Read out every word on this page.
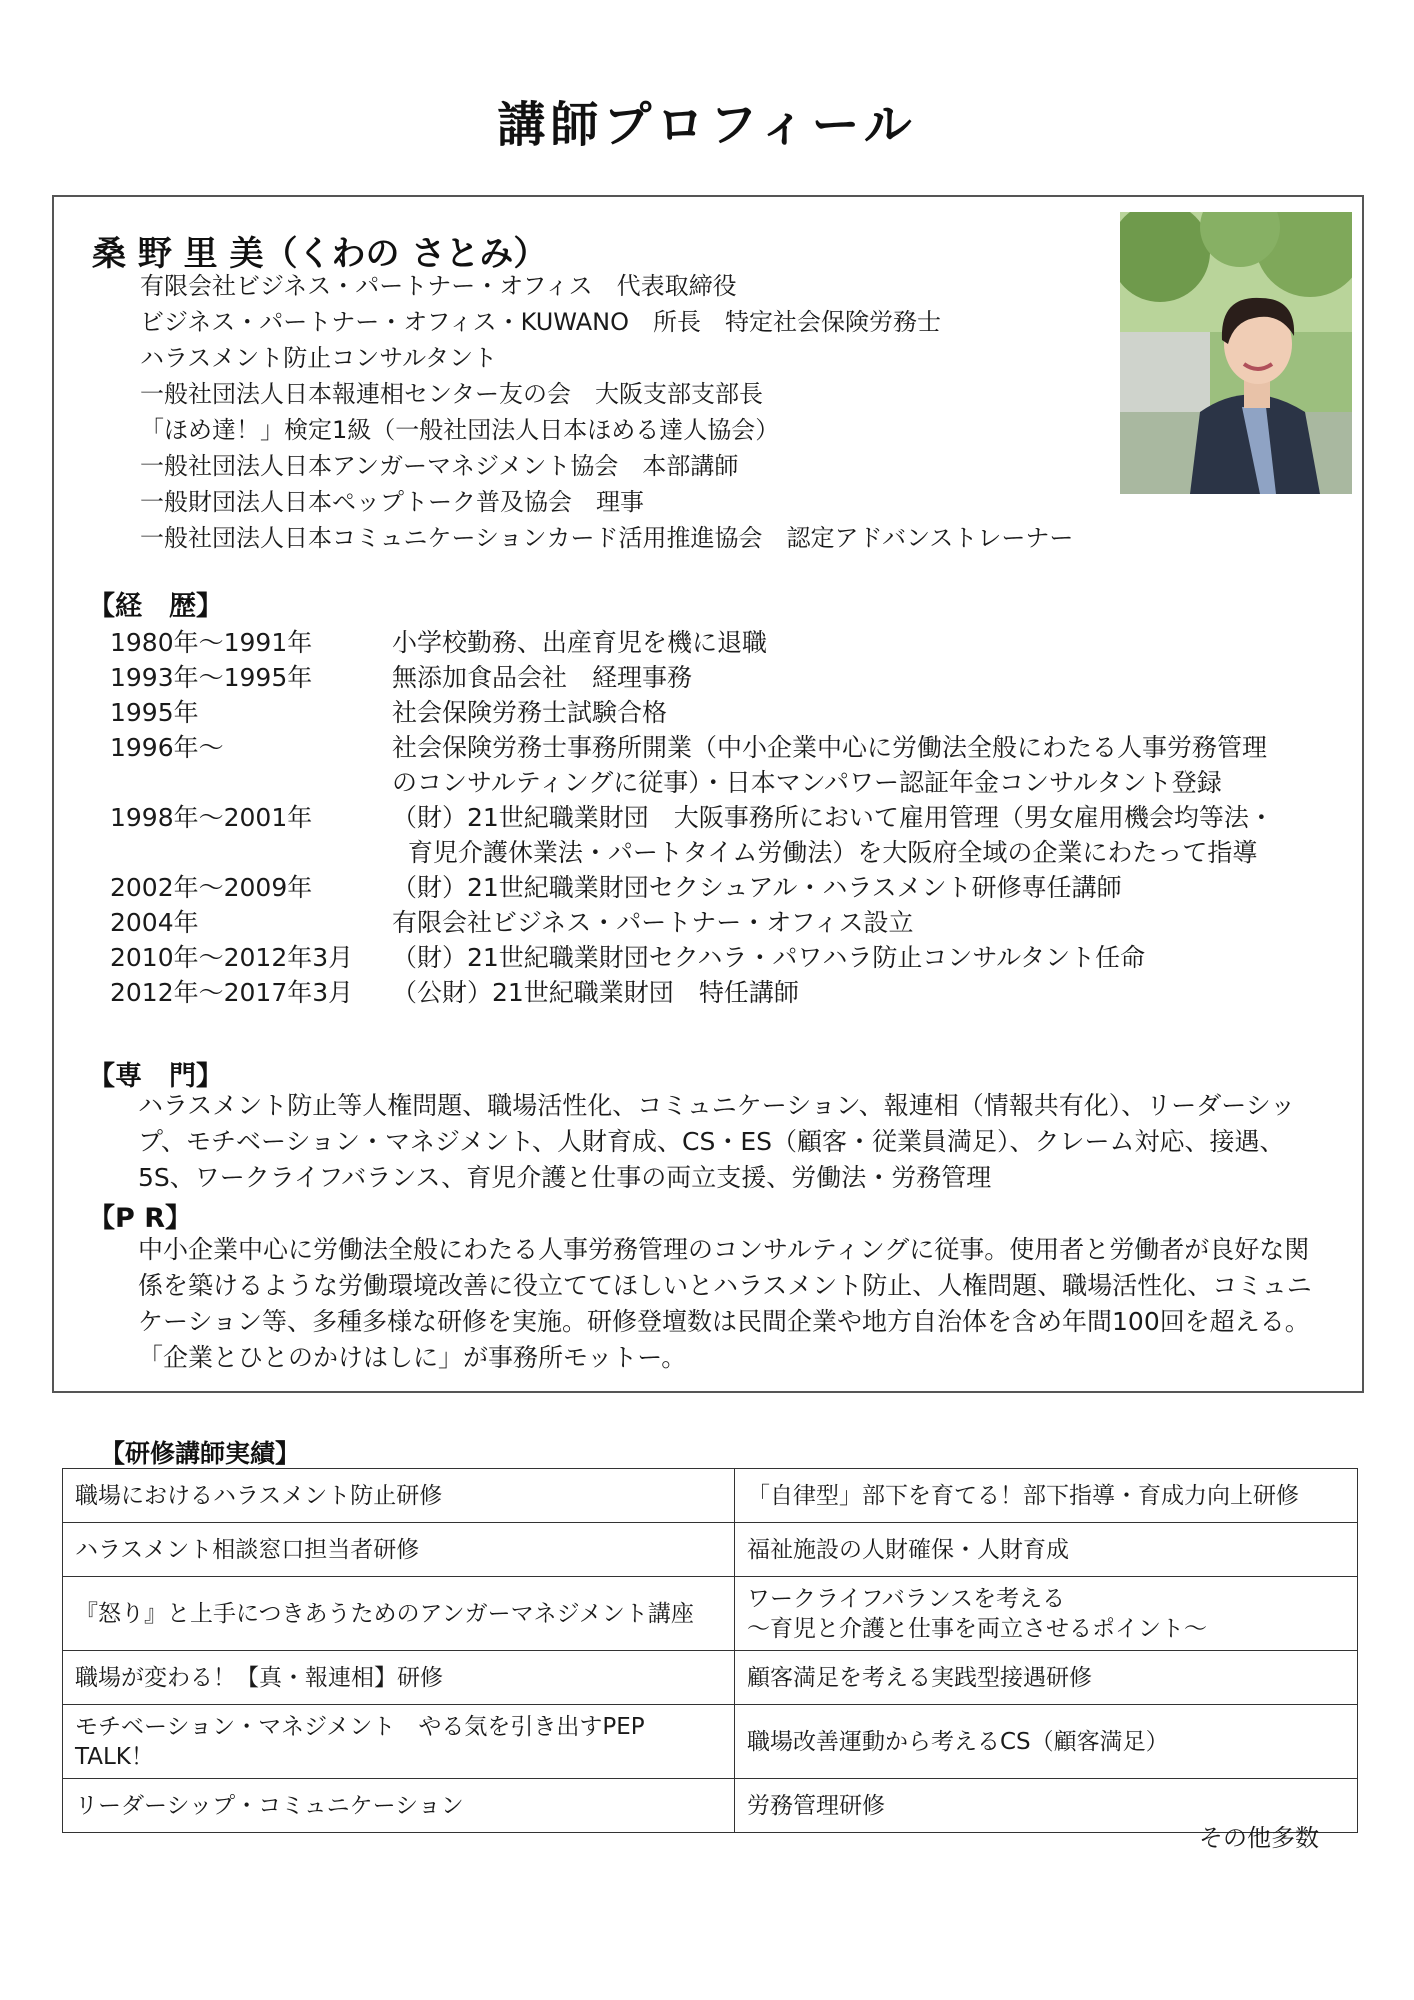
講師プロフィール
桑 野 里 美（くわの さとみ）
有限会社ビジネス・パートナー・オフィス　代表取締役
ビジネス・パートナー・オフィス・KUWANO　所長　特定社会保険労務士
ハラスメント防止コンサルタント
一般社団法人日本報連相センター友の会　大阪支部支部長
「ほめ達！」検定1級（一般社団法人日本ほめる達人協会）
一般社団法人日本アンガーマネジメント協会　本部講師
一般財団法人日本ペップトーク普及協会　理事
一般社団法人日本コミュニケーションカード活用推進協会　認定アドバンストレーナー
【経　歴】
1980年～1991年	小学校勤務、出産育児を機に退職
1993年～1995年	無添加食品会社　経理事務
1995年	社会保険労務士試験合格
1996年～	社会保険労務士事務所開業（中小企業中心に労働法全般にわたる人事労務管理
のコンサルティングに従事）・日本マンパワー認証年金コンサルタント登録
1998年～2001年	（財）21世紀職業財団　大阪事務所において雇用管理（男女雇用機会均等法・
育児介護休業法・パートタイム労働法）を大阪府全域の企業にわたって指導
2002年～2009年	（財）21世紀職業財団セクシュアル・ハラスメント研修専任講師
2004年	有限会社ビジネス・パートナー・オフィス設立
2010年～2012年3月	（財）21世紀職業財団セクハラ・パワハラ防止コンサルタント任命
2012年～2017年3月	（公財）21世紀職業財団　特任講師
【専　門】

ハラスメント防止等人権問題、職場活性化、コミュニケーション、報連相（情報共有化）、リーダーシップ、モチベーション・マネジメント、人財育成、CS・ES（顧客・従業員満足）、クレーム対応、接遇、5S、ワークライフバランス、育児介護と仕事の両立支援、労働法・労務管理

【P R】

中小企業中心に労働法全般にわたる人事労務管理のコンサルティングに従事。使用者と労働者が良好な関係を築けるような労働環境改善に役立ててほしいとハラスメント防止、人権問題、職場活性化、コミュニケーション等、多種多様な研修を実施。研修登壇数は民間企業や地方自治体を含め年間100回を超える。「企業とひとのかけはしに」が事務所モットー。

【研修講師実績】
職場におけるハラスメント防止研修	「自律型」部下を育てる！部下指導・育成力向上研修
ハラスメント相談窓口担当者研修	福祉施設の人財確保・人財育成
『怒り』と上手につきあうためのアンガーマネジメント講座	ワークライフバランスを考える
～育児と介護と仕事を両立させるポイント～
職場が変わる！【真・報連相】研修	顧客満足を考える実践型接遇研修
モチベーション・マネジメント　やる気を引き出すPEP TALK！	職場改善運動から考えるCS（顧客満足）
リーダーシップ・コミュニケーション	労務管理研修
その他多数
